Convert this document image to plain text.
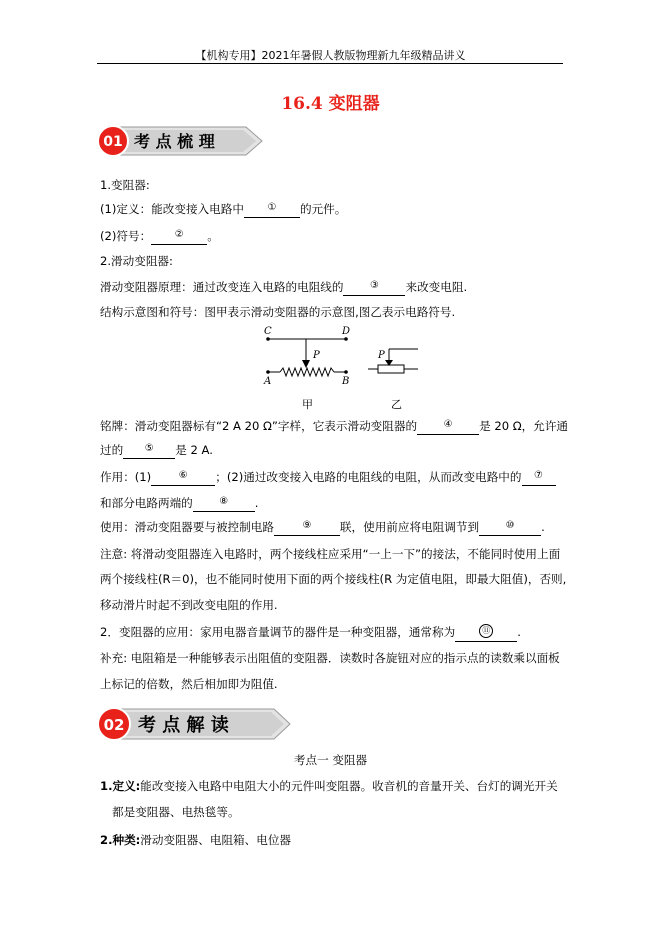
【机构专用】2021年暑假人教版物理新九年级精品讲义
16.4 变阻器
01 考 点 梳 理
1.变阻器:
(1)定义：能改变接入电路中 ① 的元件。
(2)符号： ② 。
2.滑动变阻器:
滑动变阻器原理：通过改变连入电路的电阻线的	③ 来改变电阻.
结构示意图和符号：图甲表示滑动变阻器的示意图,图乙表示电路符号.
C	D
P
A	B
甲
P
乙
铭牌：滑动变阻器标有“2 A 20 Ω”字样，它表示滑动变阻器的	④ 是 20 Ω，允许通
过的 ⑤ 是 2 A.
作用：(1)	⑥ ；(2)通过改变接入电路的电阻线的电阻，从而改变电路中的 ⑦
和部分电路两端的	⑧ .
使用：滑动变阻器要与被控制电路	⑨ 联，使用前应将电阻调节到	⑩ .
注意: 将滑动变阻器连入电路时，两个接线柱应采用“一上一下”的接法，不能同时使用上面
两个接线柱(R＝0)，也不能同时使用下面的两个接线柱(R 为定值电阻，即最大阻值)，否则,
移动滑片时起不到改变电阻的作用.
2．变阻器的应用：家用电器音量调节的器件是一种变阻器，通常称为	⑪ .
补充: 电阻箱是一种能够表示出阻值的变阻器．读数时各旋钮对应的指示点的读数乘以面板
上标记的倍数，然后相加即为阻值.
02 考 点 解 读
考点一 变阻器
1.定义:能改变接入电路中电阻大小的元件叫变阻器。收音机的音量开关、台灯的调光开关
都是变阻器、电热毯等。
2.种类:滑动变阻器、电阻箱、电位器
